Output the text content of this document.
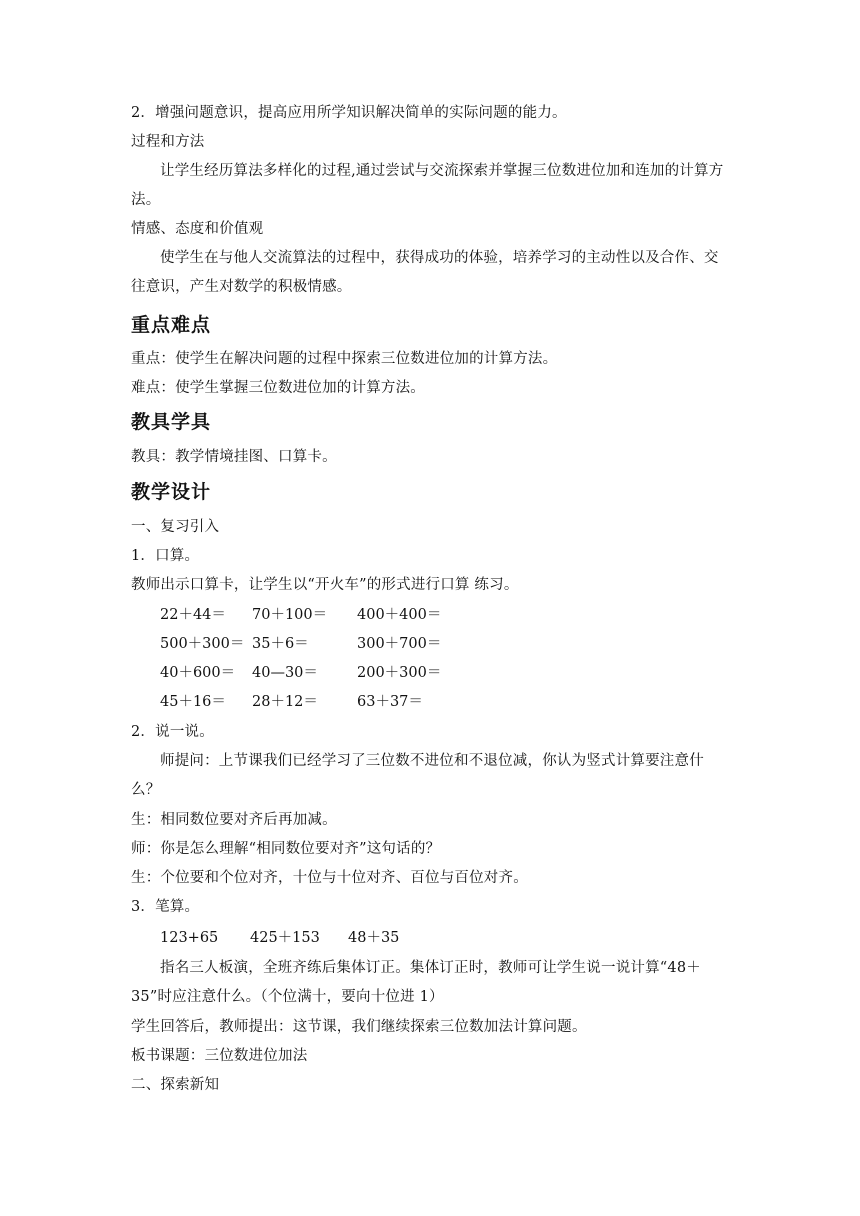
2．增强问题意识，提高应用所学知识解决简单的实际问题的能力。

过程和方法

让学生经历算法多样化的过程,通过尝试与交流探索并掌握三位数进位加和连加的计算方法。

情感、态度和价值观

使学生在与他人交流算法的过程中，获得成功的体验，培养学习的主动性以及合作、交往意识，产生对数学的积极情感。

重点难点

重点：使学生在解决问题的过程中探索三位数进位加的计算方法。

难点：使学生掌握三位数进位加的计算方法。

教具学具

教具：教学情境挂图、口算卡。

教学设计

一、复习引入

1．口算。

教师出示口算卡，让学生以“开火车”的形式进行口算 练习。

22＋44＝	70＋100＝	400＋400＝
500＋300＝ 35＋6＝	300＋700＝
40＋600＝	40—30＝	200＋300＝
45＋16＝	28＋12＝	63＋37＝

2．说一说。

师提问：上节课我们已经学习了三位数不进位和不退位减，你认为竖式计算要注意什么？

生：相同数位要对齐后再加减。

师：你是怎么理解“相同数位要对齐”这句话的？

生：个位要和个位对齐，十位与十位对齐、百位与百位对齐。

3．笔算。

123+65	425＋153	48＋35

指名三人板演，全班齐练后集体订正。集体订正时，教师可让学生说一说计算“48＋35”时应注意什么。（个位满十，要向十位进 1）

学生回答后，教师提出：这节课，我们继续探索三位数加法计算问题。

板书课题：三位数进位加法

二、探索新知
